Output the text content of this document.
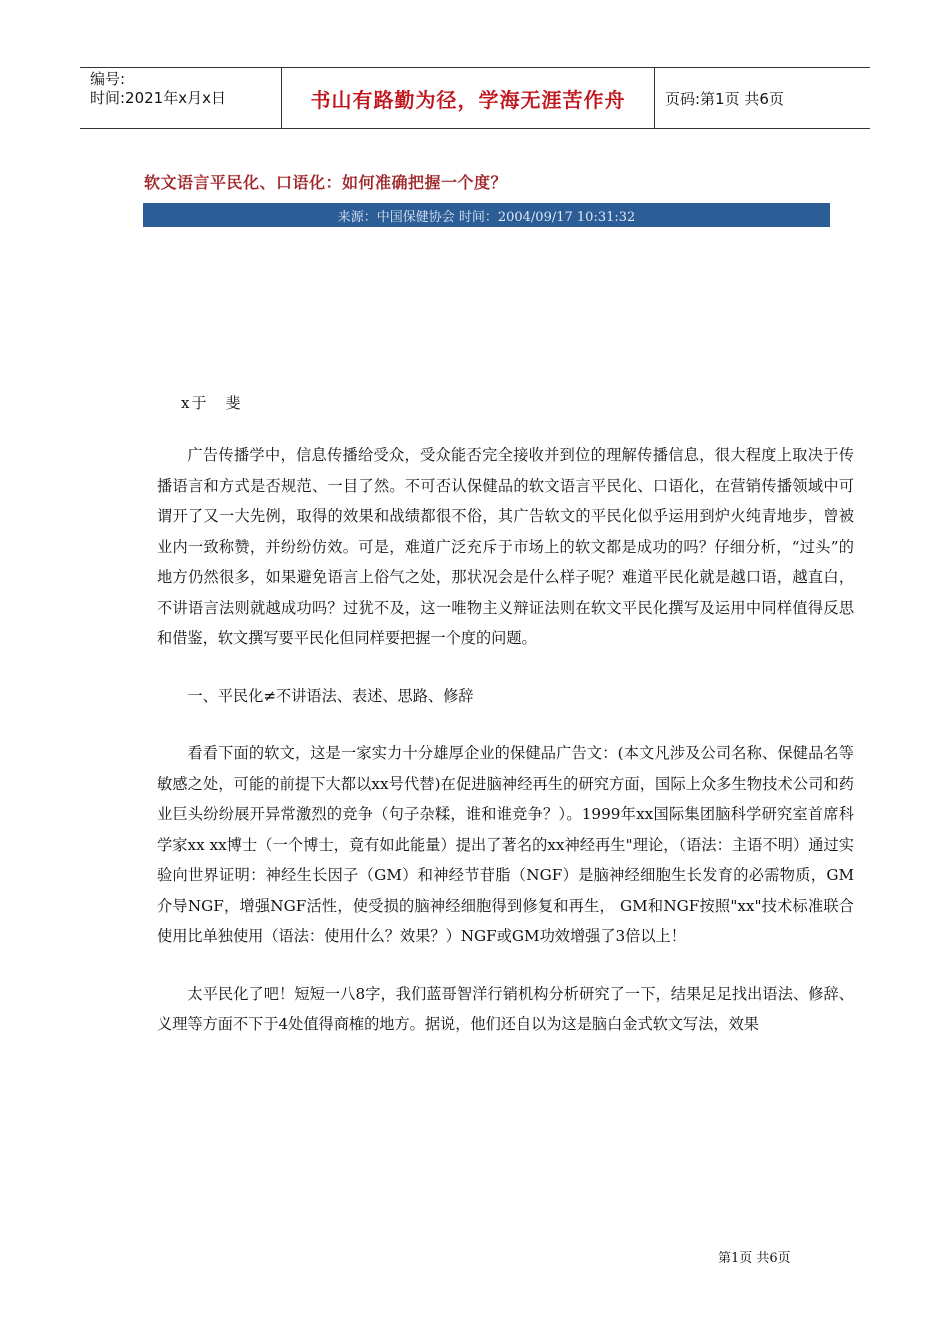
编号:
时间:2021年x月x日	书山有路勤为径，学海无涯苦作舟	页码:第1页 共6页
软文语言平民化、口语化：如何准确把握一个度？
来源：中国保健协会 时间：2004/09/17 10:31:32
x于　斐

广告传播学中，信息传播给受众，受众能否完全接收并到位的理解传播信息，很大程度上取决于传播语言和方式是否规范、一目了然。不可否认保健品的软文语言平民化、口语化，在营销传播领域中可谓开了又一大先例，取得的效果和战绩都很不俗，其广告软文的平民化似乎运用到炉火纯青地步，曾被业内一致称赞，并纷纷仿效。可是，难道广泛充斥于市场上的软文都是成功的吗？仔细分析，“过头”的地方仍然很多，如果避免语言上俗气之处，那状况会是什么样子呢？难道平民化就是越口语，越直白，不讲语言法则就越成功吗？过犹不及，这一唯物主义辩证法则在软文平民化撰写及运用中同样值得反思和借鉴，软文撰写要平民化但同样要把握一个度的问题。

一、平民化≠不讲语法、表述、思路、修辞

看看下面的软文，这是一家实力十分雄厚企业的保健品广告文：(本文凡涉及公司名称、保健品名等敏感之处，可能的前提下大都以xx号代替)在促进脑神经再生的研究方面，国际上众多生物技术公司和药业巨头纷纷展开异常激烈的竞争（句子杂糅，谁和谁竞争？）。1999年xx国际集团脑科学研究室首席科学家xx xx博士（一个博士，竟有如此能量）提出了著名的xx神经再生"理论，（语法：主语不明）通过实验向世界证明：神经生长因子（GM）和神经节苷脂（NGF）是脑神经细胞生长发育的必需物质，GM介导NGF，增强NGF活性，使受损的脑神经细胞得到修复和再生， GM和NGF按照"xx"技术标准联合使用比单独使用（语法：使用什么？效果？）NGF或GM功效增强了3倍以上！

太平民化了吧！短短一八8字，我们蓝哥智洋行销机构分析研究了一下，结果足足找出语法、修辞、义理等方面不下于4处值得商榷的地方。据说，他们还自以为这是脑白金式软文写法，效果

第1页 共6页
